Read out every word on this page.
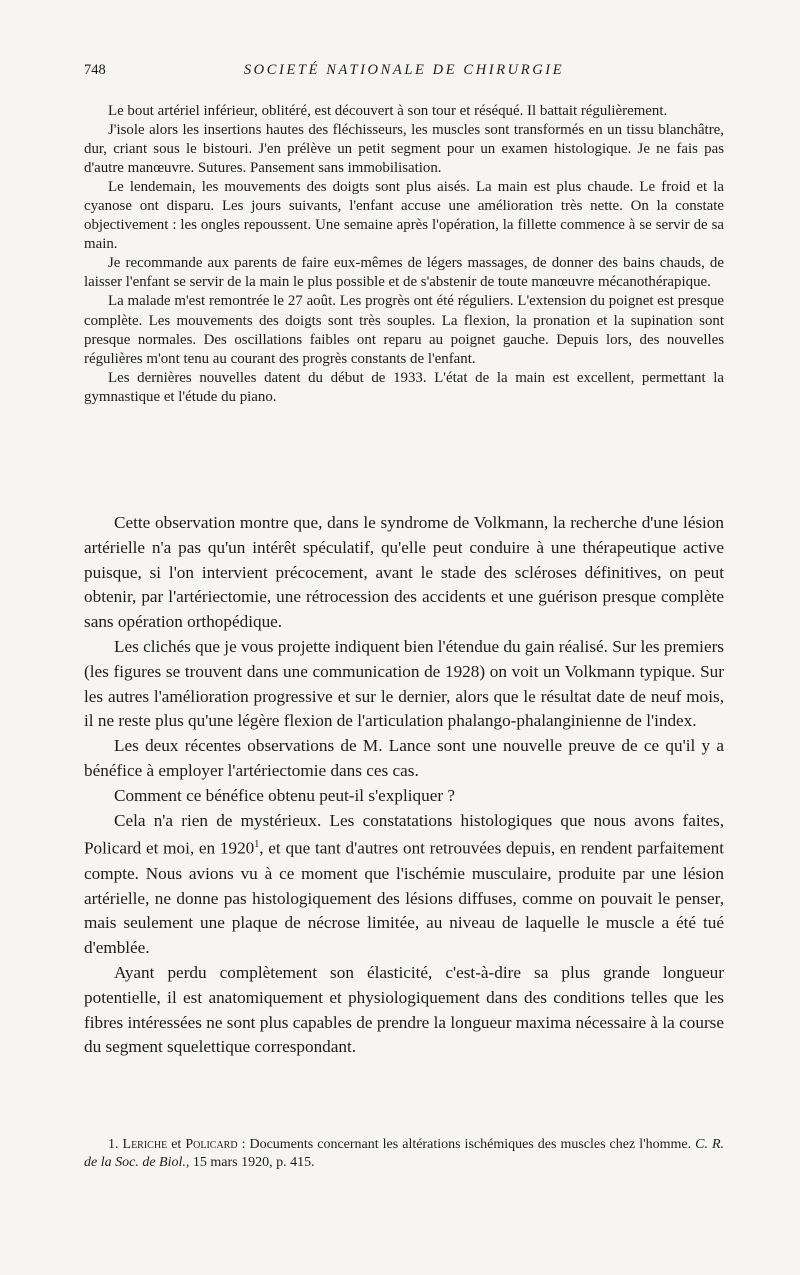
748	SOCIETÉ NATIONALE DE CHIRURGIE

Le bout artériel inférieur, oblitéré, est découvert à son tour et réséqué. Il battait régulièrement.

J'isole alors les insertions hautes des fléchisseurs, les muscles sont transformés en un tissu blanchâtre, dur, criant sous le bistouri. J'en prélève un petit segment pour un examen histologique. Je ne fais pas d'autre manœuvre. Sutures. Pansement sans immobilisation.

Le lendemain, les mouvements des doigts sont plus aisés. La main est plus chaude. Le froid et la cyanose ont disparu. Les jours suivants, l'enfant accuse une amélioration très nette. On la constate objectivement : les ongles repoussent. Une semaine après l'opération, la fillette commence à se servir de sa main.

Je recommande aux parents de faire eux-mêmes de légers massages, de donner des bains chauds, de laisser l'enfant se servir de la main le plus possible et de s'abstenir de toute manœuvre mécanothérapique.

La malade m'est remontrée le 27 août. Les progrès ont été réguliers. L'extension du poignet est presque complète. Les mouvements des doigts sont très souples. La flexion, la pronation et la supination sont presque normales. Des oscillations faibles ont reparu au poignet gauche. Depuis lors, des nouvelles régulières m'ont tenu au courant des progrès constants de l'enfant.

Les dernières nouvelles datent du début de 1933. L'état de la main est excellent, permettant la gymnastique et l'étude du piano.

Cette observation montre que, dans le syndrome de Volkmann, la recherche d'une lésion artérielle n'a pas qu'un intérêt spéculatif, qu'elle peut conduire à une thérapeutique active puisque, si l'on intervient précocement, avant le stade des scléroses définitives, on peut obtenir, par l'artériectomie, une rétrocession des accidents et une guérison presque complète sans opération orthopédique.

Les clichés que je vous projette indiquent bien l'étendue du gain réalisé. Sur les premiers (les figures se trouvent dans une communication de 1928) on voit un Volkmann typique. Sur les autres l'amélioration progressive et sur le dernier, alors que le résultat date de neuf mois, il ne reste plus qu'une légère flexion de l'articulation phalango-phalanginienne de l'index.

Les deux récentes observations de M. Lance sont une nouvelle preuve de ce qu'il y a bénéfice à employer l'artériectomie dans ces cas.

Comment ce bénéfice obtenu peut-il s'expliquer ?

Cela n'a rien de mystérieux. Les constatations histologiques que nous avons faites, Policard et moi, en 1920$^1$, et que tant d'autres ont retrouvées depuis, en rendent parfaitement compte. Nous avions vu à ce moment que l'ischémie musculaire, produite par une lésion artérielle, ne donne pas histologiquement des lésions diffuses, comme on pouvait le penser, mais seulement une plaque de nécrose limitée, au niveau de laquelle le muscle a été tué d'emblée.

Ayant perdu complètement son élasticité, c'est-à-dire sa plus grande longueur potentielle, il est anatomiquement et physiologiquement dans des conditions telles que les fibres intéressées ne sont plus capables de prendre la longueur maxima nécessaire à la course du segment squelettique correspondant.

1. Leriche et Policard : Documents concernant les altérations ischémiques des muscles chez l'homme. C. R. de la Soc. de Biol., 15 mars 1920, p. 415.
